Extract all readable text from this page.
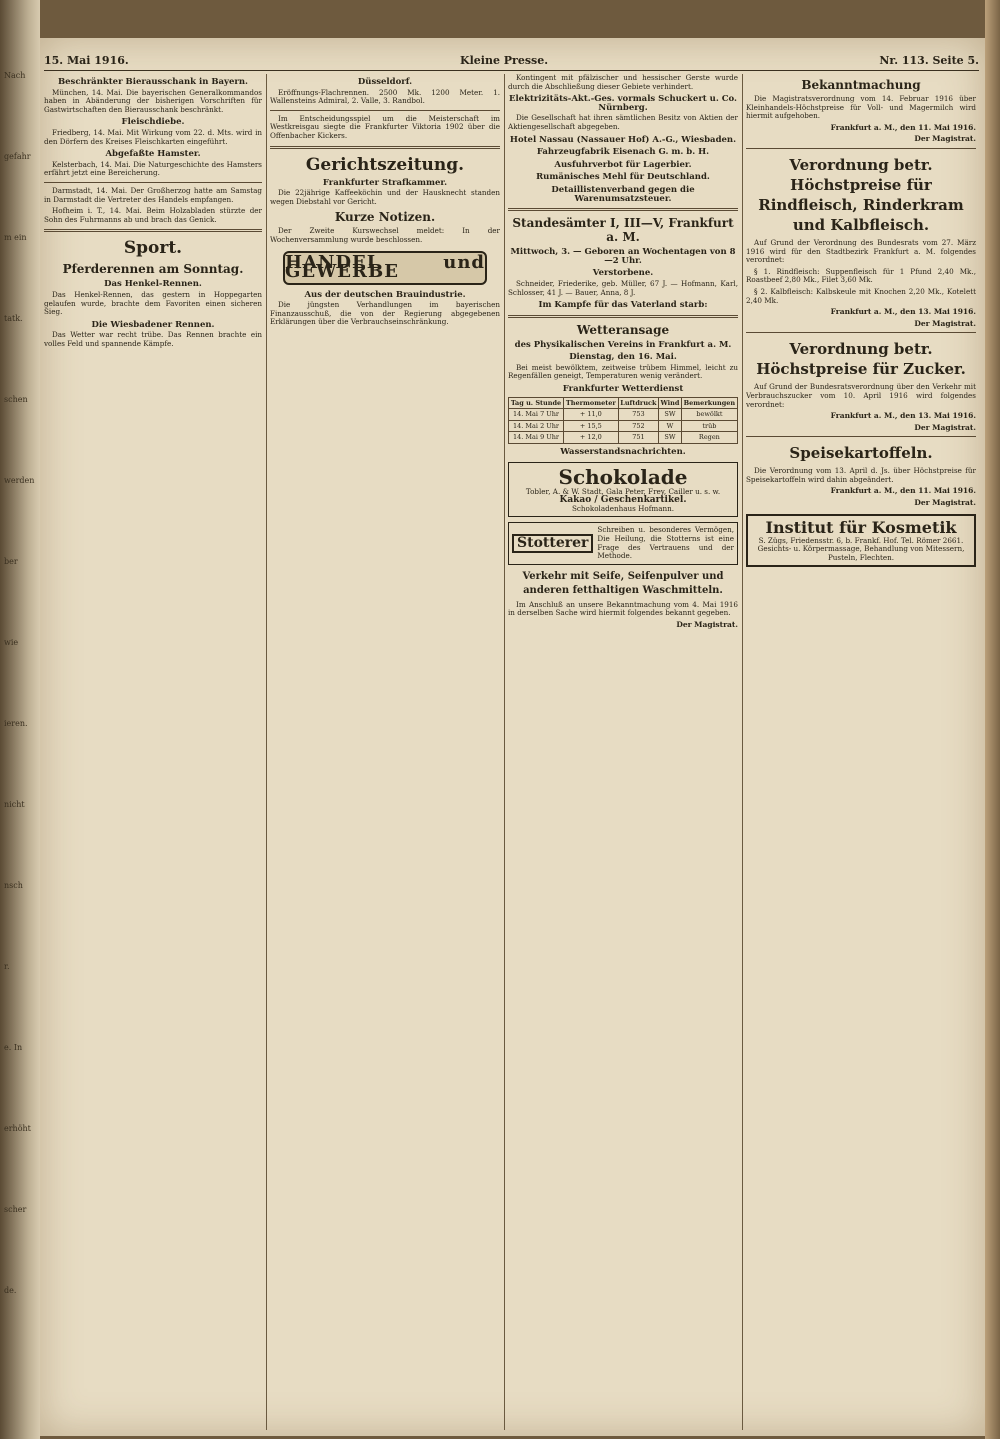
Nach
gefahr
m ein
tatk.
schen
werden
ber
wie
ieren.
nicht
nsch
r.
e. In
erhöht
scher
de.
15. Mai 1916.	Kleine Presse.	Nr. 113. Seite 5.
Beschränkter Bierausschank in Bayern.

München, 14. Mai. Die bayerischen Generalkommandos haben in Abänderung der bisherigen Vorschriften für Gastwirtschaften den Bierausschank beschränkt.

Fleischdiebe.

Friedberg, 14. Mai. Mit Wirkung vom 22. d. Mts. wird in den Dörfern des Kreises Fleischkarten eingeführt.

Abgefaßte Hamster.

Kelsterbach, 14. Mai. Die Naturgeschichte des Hamsters erfährt jetzt eine Bereicherung.

Darmstadt, 14. Mai. Der Großherzog hatte am Samstag in Darmstadt die Vertreter des Handels empfangen.

Hofheim i. T., 14. Mai. Beim Holzabladen stürzte der Sohn des Fuhrmanns ab und brach das Genick.

Sport.
Pferderennen am Sonntag.
Das Henkel-Rennen.

Das Henkel-Rennen, das gestern in Hoppegarten gelaufen wurde, brachte dem Favoriten einen sicheren Sieg.

Die Wiesbadener Rennen.

Das Wetter war recht trübe. Das Rennen brachte ein volles Feld und spannende Kämpfe.

Düsseldorf.

Eröffnungs-Flachrennen. 2500 Mk. 1200 Meter. 1. Wallensteins Admiral, 2. Valle, 3. Randbol.

Im Entscheidungsspiel um die Meisterschaft im Westkreisgau siegte die Frankfurter Viktoria 1902 über die Offenbacher Kickers.

Gerichtszeitung.
Frankfurter Strafkammer.

Die 22jährige Kaffeeköchin und der Hausknecht standen wegen Diebstahl vor Gericht.

Kurze Notizen.

Der Zweite Kurswechsel meldet: In der Wochenversammlung wurde beschlossen.

HANDEL und GEWERBE
Aus der deutschen Brauindustrie.

Die jüngsten Verhandlungen im bayerischen Finanzausschuß, die von der Regierung abgegebenen Erklärungen über die Verbrauchseinschränkung.

Kontingent mit pfälzischer und hessischer Gerste wurde durch die Abschließung dieser Gebiete verhindert.

Elektrizitäts-Akt.-Ges. vormals Schuckert u. Co. Nürnberg.

Die Gesellschaft hat ihren sämtlichen Besitz von Aktien der Aktiengesellschaft abgegeben.

Hotel Nassau (Nassauer Hof) A.-G., Wiesbaden.
Fahrzeugfabrik Eisenach G. m. b. H.
Ausfuhrverbot für Lagerbier.
Rumänisches Mehl für Deutschland.
Detaillistenverband gegen die Warenumsatzsteuer.
Standesämter I, III—V, Frankfurt a. M.
Mittwoch, 3. — Geboren an Wochentagen von 8—2 Uhr.
Verstorbene.

Schneider, Friederike, geb. Müller, 67 J. — Hofmann, Karl, Schlosser, 41 J. — Bauer, Anna, 8 J.

Im Kampfe für das Vaterland starb:
Wetteransage
des Physikalischen Vereins in Frankfurt a. M.
Dienstag, den 16. Mai.

Bei meist bewölktem, zeitweise trübem Himmel, leicht zu Regenfällen geneigt, Temperaturen wenig verändert.

Frankfurter Wetterdienst
Tag u. Stunde	Thermometer	Luftdruck	Wind	Bemerkungen
14. Mai 7 Uhr	+ 11,0	753	SW	bewölkt
14. Mai 2 Uhr	+ 15,5	752	W	trüb
14. Mai 9 Uhr	+ 12,0	751	SW	Regen
Wasserstandsnachrichten.
Schokolade
Tobler, A. & W. Stadt, Gala Peter, Frey, Cailler u. s. w.
Kakao / Geschenkartikel.
Schokoladenhaus Hofmann.
Stotterer
Schreiben u. besonderes Vermögen, Die Heilung, die Stotterns ist eine Frage des Vertrauens und der Methode.
Verkehr mit Seife, Seifenpulver und anderen fetthaltigen Waschmitteln.

Im Anschluß an unsere Bekanntmachung vom 4. Mai 1916 in derselben Sache wird hiermit folgendes bekannt gegeben.

Der Magistrat.
Bekanntmachung

Die Magistratsverordnung vom 14. Februar 1916 über Kleinhandels-Höchstpreise für Voll- und Magermilch wird hiermit aufgehoben.

Frankfurt a. M., den 11. Mai 1916.
Der Magistrat.
Verordnung betr. Höchstpreise für Rindfleisch, Rinderkram und Kalbfleisch.

Auf Grund der Verordnung des Bundesrats vom 27. März 1916 wird für den Stadtbezirk Frankfurt a. M. folgendes verordnet:

§ 1. Rindfleisch: Suppenfleisch für 1 Pfund 2,40 Mk., Roastbeef 2,80 Mk., Filet 3,60 Mk.

§ 2. Kalbfleisch: Kalbskeule mit Knochen 2,20 Mk., Kotelett 2,40 Mk.

Frankfurt a. M., den 13. Mai 1916.
Der Magistrat.
Verordnung betr. Höchstpreise für Zucker.

Auf Grund der Bundesratsverordnung über den Verkehr mit Verbrauchszucker vom 10. April 1916 wird folgendes verordnet:

Frankfurt a. M., den 13. Mai 1916.
Der Magistrat.
Speisekartoffeln.

Die Verordnung vom 13. April d. Js. über Höchstpreise für Speisekartoffeln wird dahin abgeändert.

Frankfurt a. M., den 11. Mai 1916.
Der Magistrat.
Institut für Kosmetik
S. Zügs, Friedensstr. 6, b. Frankf. Hof. Tel. Römer 2661. Gesichts- u. Körpermassage, Behandlung von Mitessern, Pusteln, Flechten.
